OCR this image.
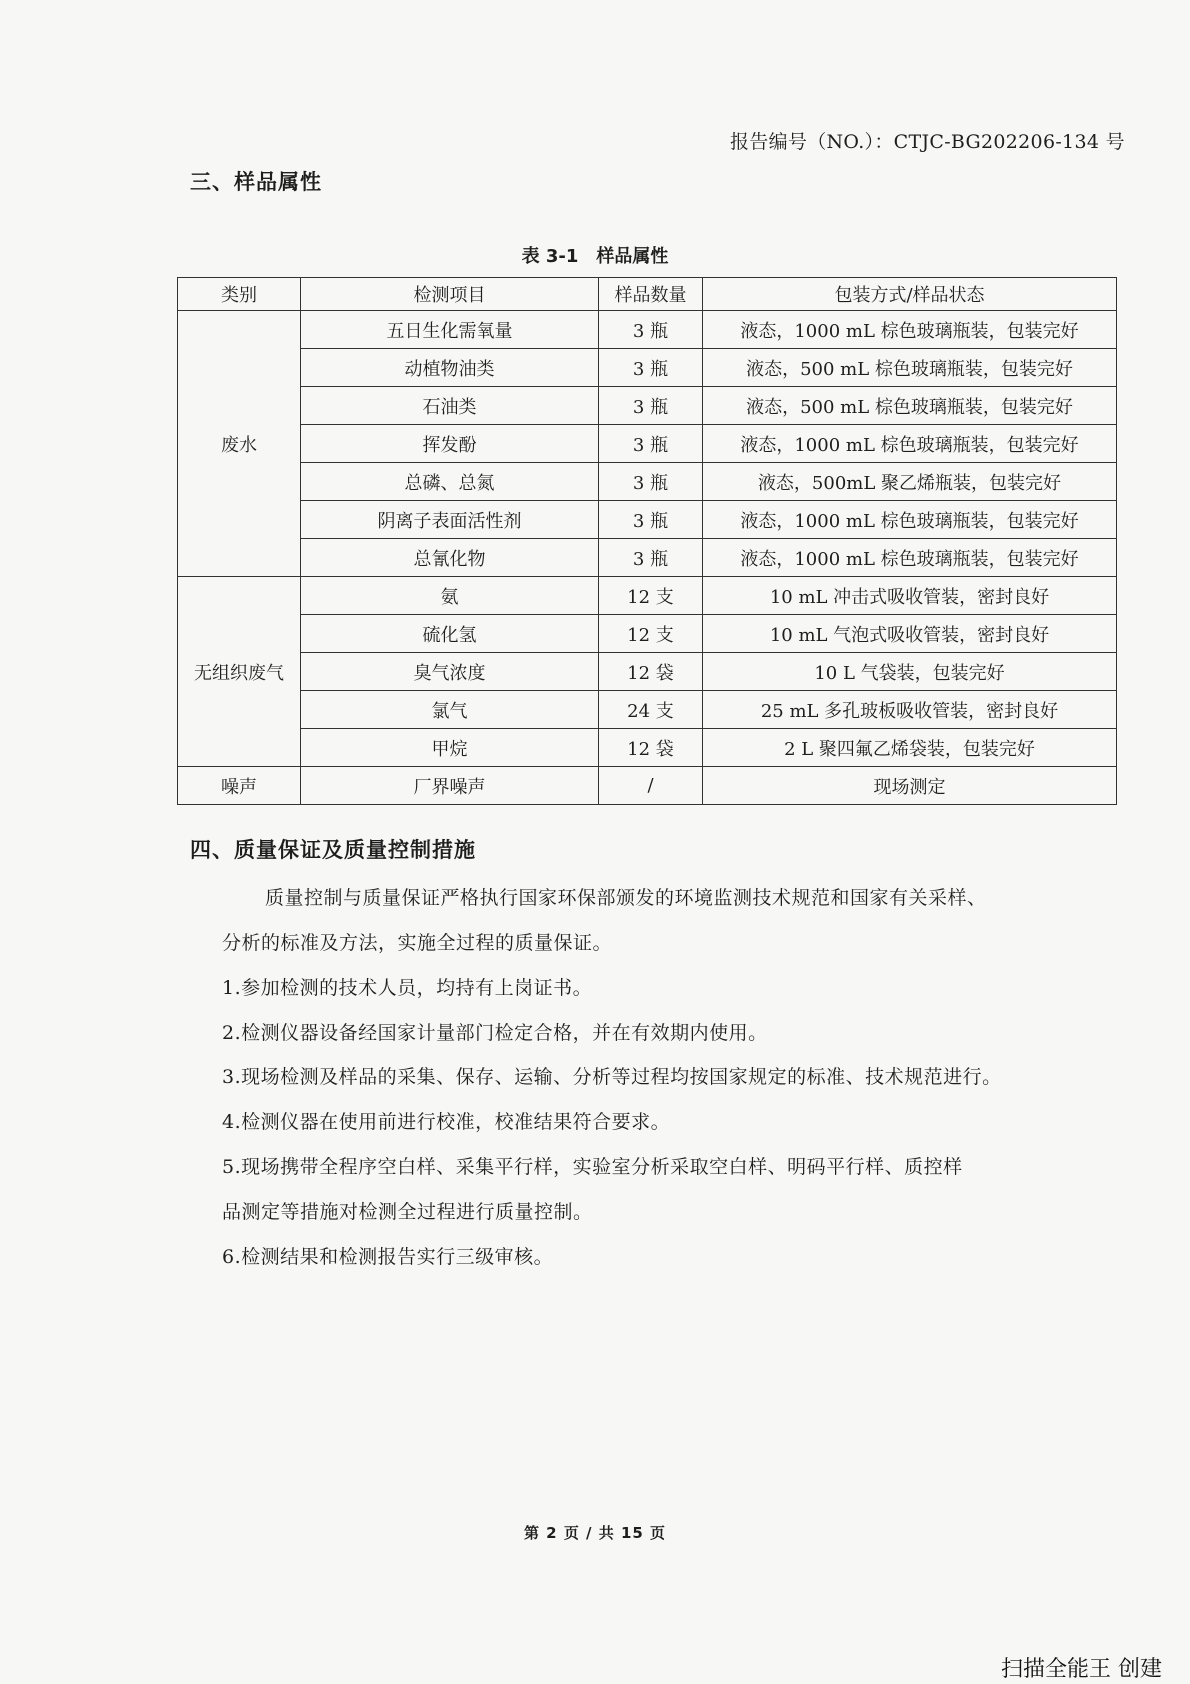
报告编号（NO.）：CTJC-BG202206-134 号
三、样品属性
表 3-1　样品属性
类别	检测项目	样品数量	包装方式/样品状态
废水	五日生化需氧量	3 瓶	液态，1000 mL 棕色玻璃瓶装，包装完好
	动植物油类	3 瓶	液态，500 mL 棕色玻璃瓶装，包装完好
	石油类	3 瓶	液态，500 mL 棕色玻璃瓶装，包装完好
	挥发酚	3 瓶	液态，1000 mL 棕色玻璃瓶装，包装完好
	总磷、总氮	3 瓶	液态，500mL 聚乙烯瓶装，包装完好
	阴离子表面活性剂	3 瓶	液态，1000 mL 棕色玻璃瓶装，包装完好
	总氰化物	3 瓶	液态，1000 mL 棕色玻璃瓶装，包装完好
无组织废气	氨	12 支	10 mL 冲击式吸收管装，密封良好
	硫化氢	12 支	10 mL 气泡式吸收管装，密封良好
	臭气浓度	12 袋	10 L 气袋装，包装完好
	氯气	24 支	25 mL 多孔玻板吸收管装，密封良好
	甲烷	12 袋	2 L 聚四氟乙烯袋装，包装完好
噪声	厂界噪声	/	现场测定
四、质量保证及质量控制措施
质量控制与质量保证严格执行国家环保部颁发的环境监测技术规范和国家有关采样、
分析的标准及方法，实施全过程的质量保证。
1.参加检测的技术人员，均持有上岗证书。
2.检测仪器设备经国家计量部门检定合格，并在有效期内使用。
3.现场检测及样品的采集、保存、运输、分析等过程均按国家规定的标准、技术规范进行。
4.检测仪器在使用前进行校准，校准结果符合要求。
5.现场携带全程序空白样、采集平行样，实验室分析采取空白样、明码平行样、质控样
品测定等措施对检测全过程进行质量控制。
6.检测结果和检测报告实行三级审核。
第 2 页 / 共 15 页
扫描全能王 创建
